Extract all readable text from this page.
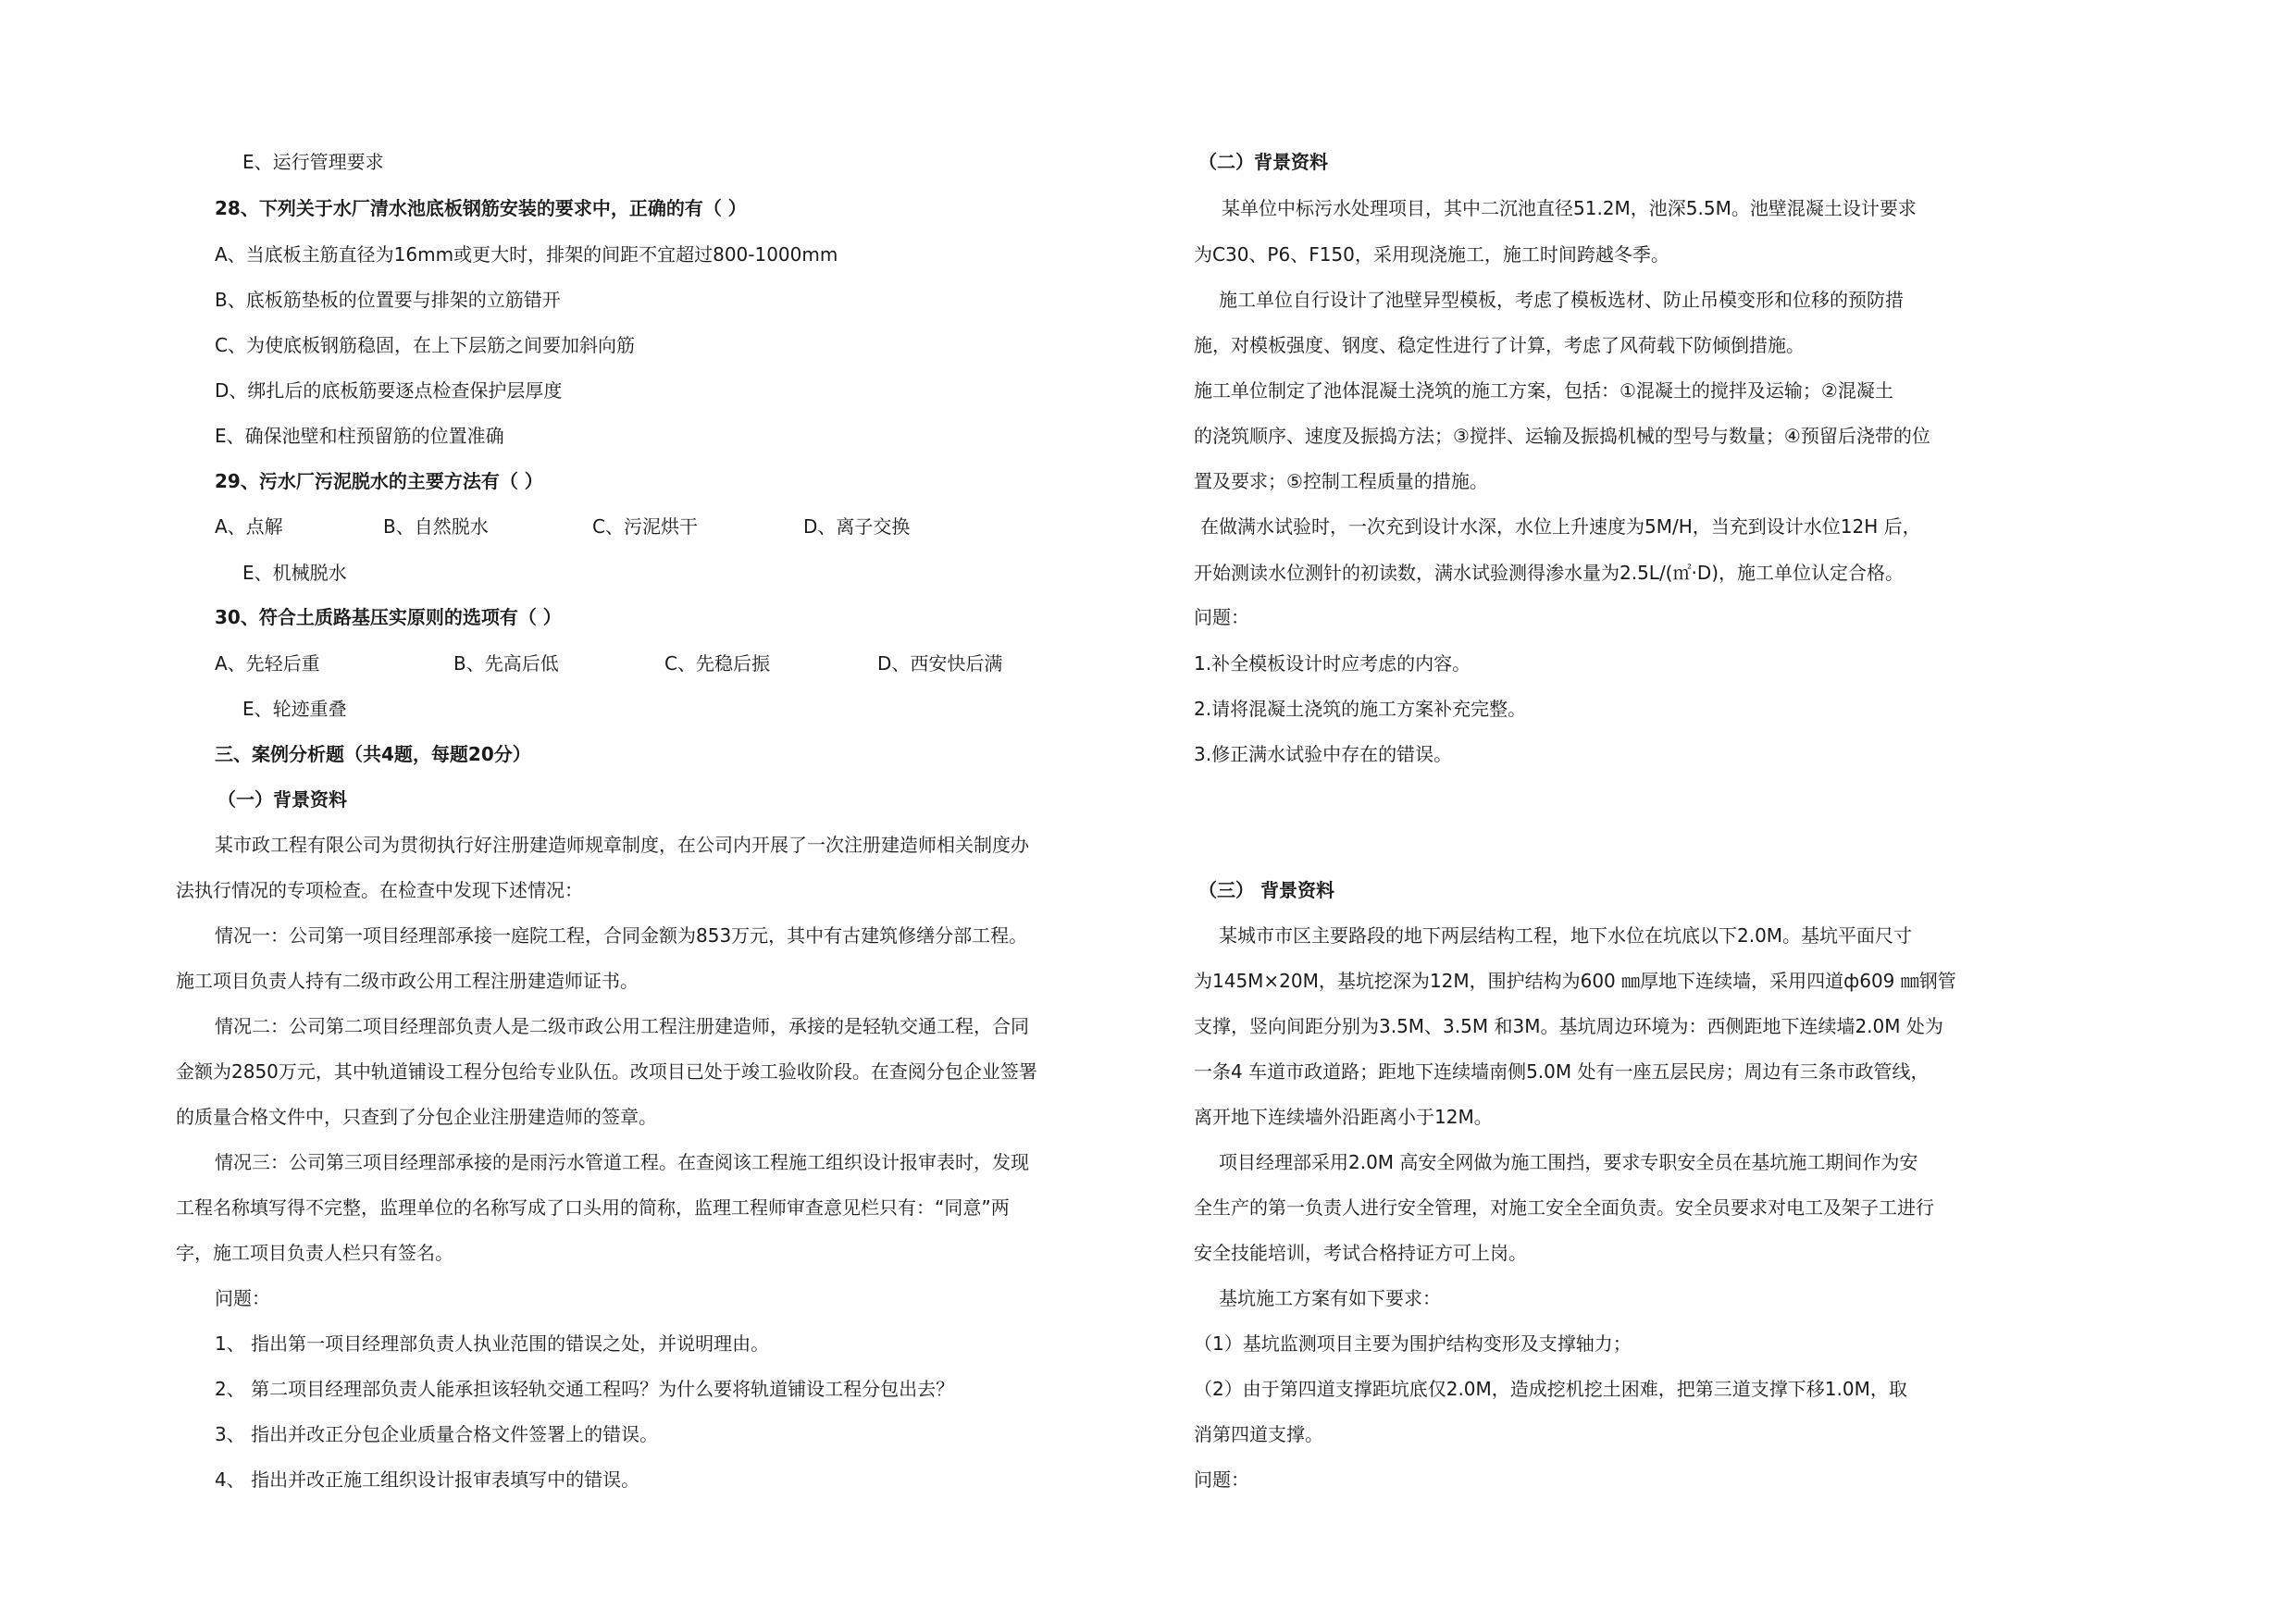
E、运行管理要求
28、下列关于水厂清水池底板钢筋安装的要求中，正确的有（ ）
A、当底板主筋直径为16mm或更大时，排架的间距不宜超过800-1000mm
B、底板筋垫板的位置要与排架的立筋错开
C、为使底板钢筋稳固，在上下层筋之间要加斜向筋
D、绑扎后的底板筋要逐点检查保护层厚度
E、确保池壁和柱预留筋的位置准确
29、污水厂污泥脱水的主要方法有（ ）
A、点解	B、自然脱水	C、污泥烘干	D、离子交换
E、机械脱水
30、符合土质路基压实原则的选项有（ ）
A、先轻后重	B、先高后低	C、先稳后振	D、西安快后满
E、轮迹重叠
三、案例分析题（共4题，每题20分）
（一）背景资料
某市政工程有限公司为贯彻执行好注册建造师规章制度，在公司内开展了一次注册建造师相关制度办
法执行情况的专项检查。在检查中发现下述情况：
情况一：公司第一项目经理部承接一庭院工程，合同金额为853万元，其中有古建筑修缮分部工程。
施工项目负责人持有二级市政公用工程注册建造师证书。
情况二：公司第二项目经理部负责人是二级市政公用工程注册建造师，承接的是轻轨交通工程，合同
金额为2850万元，其中轨道铺设工程分包给专业队伍。改项目已处于竣工验收阶段。在查阅分包企业签署
的质量合格文件中，只查到了分包企业注册建造师的签章。
情况三：公司第三项目经理部承接的是雨污水管道工程。在查阅该工程施工组织设计报审表时，发现
工程名称填写得不完整，监理单位的名称写成了口头用的简称，监理工程师审查意见栏只有：“同意”两
字，施工项目负责人栏只有签名。
问题：
1、 指出第一项目经理部负责人执业范围的错误之处，并说明理由。
2、 第二项目经理部负责人能承担该轻轨交通工程吗？为什么要将轨道铺设工程分包出去？
3、 指出并改正分包企业质量合格文件签署上的错误。
4、 指出并改正施工组织设计报审表填写中的错误。
（二）背景资料
某单位中标污水处理项目，其中二沉池直径51.2M，池深5.5M。池壁混凝土设计要求
为C30、P6、F150，采用现浇施工，施工时间跨越冬季。
施工单位自行设计了池壁异型模板，考虑了模板选材、防止吊模变形和位移的预防措
施，对模板强度、钢度、稳定性进行了计算，考虑了风荷载下防倾倒措施。
施工单位制定了池体混凝土浇筑的施工方案，包括：①混凝土的搅拌及运输；②混凝土
的浇筑顺序、速度及振捣方法；③搅拌、运输及振捣机械的型号与数量；④预留后浇带的位
置及要求；⑤控制工程质量的措施。
在做满水试验时，一次充到设计水深，水位上升速度为5M/H，当充到设计水位12H 后，
开始测读水位测针的初读数，满水试验测得渗水量为2.5L/(㎡·D)，施工单位认定合格。
问题：
1.补全模板设计时应考虑的内容。
2.请将混凝土浇筑的施工方案补充完整。
3.修正满水试验中存在的错误。
（三） 背景资料
某城市市区主要路段的地下两层结构工程，地下水位在坑底以下2.0M。基坑平面尺寸
为145M×20M，基坑挖深为12M，围护结构为600 ㎜厚地下连续墙，采用四道ф609 ㎜钢管
支撑，竖向间距分别为3.5M、3.5M 和3M。基坑周边环境为：西侧距地下连续墙2.0M 处为
一条4 车道市政道路；距地下连续墙南侧5.0M 处有一座五层民房；周边有三条市政管线，
离开地下连续墙外沿距离小于12M。
项目经理部采用2.0M 高安全网做为施工围挡，要求专职安全员在基坑施工期间作为安
全生产的第一负责人进行安全管理，对施工安全全面负责。安全员要求对电工及架子工进行
安全技能培训，考试合格持证方可上岗。
基坑施工方案有如下要求：
（1）基坑监测项目主要为围护结构变形及支撑轴力；
（2）由于第四道支撑距坑底仅2.0M，造成挖机挖土困难，把第三道支撑下移1.0M，取
消第四道支撑。
问题：
